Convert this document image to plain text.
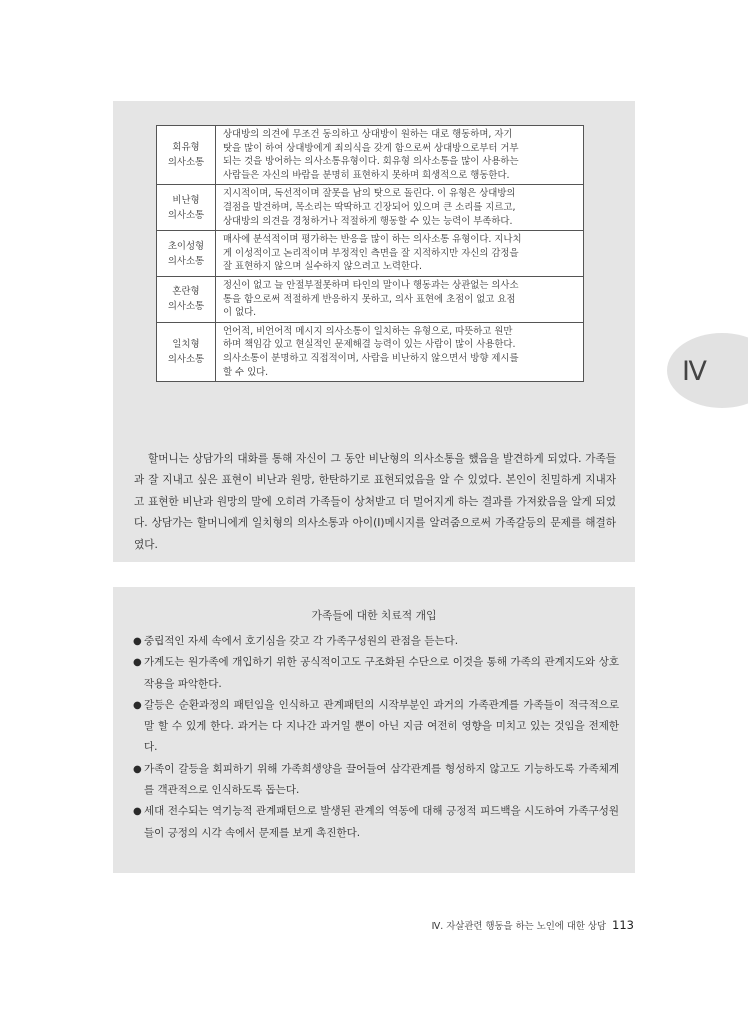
회유형
의사소통	상대방의 의견에 무조건 동의하고 상대방이 원하는 대로 행동하며, 자기
탓을 많이 하여 상대방에게 죄의식을 갖게 함으로써 상대방으로부터 거부
되는 것을 방어하는 의사소통유형이다. 회유형 의사소통을 많이 사용하는
사람들은 자신의 바람을 분명히 표현하지 못하며 희생적으로 행동한다.
비난형
의사소통	지시적이며, 독선적이며 잘못을 남의 탓으로 돌린다. 이 유형은 상대방의
결점을 발견하며, 목소리는 딱딱하고 긴장되어 있으며 큰 소리를 지르고,
상대방의 의견을 경청하거나 적절하게 행동할 수 있는 능력이 부족하다.
초이성형
의사소통	매사에 분석적이며 평가하는 반응을 많이 하는 의사소통 유형이다. 지나치
게 이성적이고 논리적이며 부정적인 측면을 잘 지적하지만 자신의 감정을
잘 표현하지 않으며 실수하지 않으려고 노력한다.
혼란형
의사소통	정신이 없고 늘 안절부절못하며 타인의 말이나 행동과는 상관없는 의사소
통을 함으로써 적절하게 반응하지 못하고, 의사 표현에 초점이 없고 요점
이 없다.
일치형
의사소통	언어적, 비언어적 메시지 의사소통이 일치하는 유형으로, 따뜻하고 원만
하며 책임감 있고 현실적인 문제해결 능력이 있는 사람이 많이 사용한다.
의사소통이 분명하고 직접적이며, 사람을 비난하지 않으면서 방향 제시를
할 수 있다.

할머니는 상담가의 대화를 통해 자신이 그 동안 비난형의 의사소통을 했음을 발견하게 되었다. 가족들과 잘 지내고 싶은 표현이 비난과 원망, 한탄하기로 표현되었음을 알 수 있었다. 본인이 친밀하게 지내자고 표현한 비난과 원망의 말에 오히려 가족들이 상처받고 더 멀어지게 하는 결과를 가져왔음을 알게 되었다. 상담가는 할머니에게 일치형의 의사소통과 아이(I)메시지를 알려줌으로써 가족갈등의 문제를 해결하였다.

가족들에 대한 치료적 개입
● 중립적인 자세 속에서 호기심을 갖고 각 가족구성원의 관점을 듣는다.
● 가계도는 원가족에 개입하기 위한 공식적이고도 구조화된 수단으로 이것을 통해 가족의 관계지도와 상호작용을 파악한다.
● 갈등은 순환과정의 패턴임을 인식하고 관계패턴의 시작부분인 과거의 가족관계를 가족들이 적극적으로 말 할 수 있게 한다. 과거는 다 지나간 과거일 뿐이 아닌 지금 여전히 영향을 미치고 있는 것임을 전제한다.
● 가족이 갈등을 회피하기 위해 가족희생양을 끌어들여 삼각관계를 형성하지 않고도 기능하도록 가족체계를 객관적으로 인식하도록 돕는다.
● 세대 전수되는 역기능적 관계패턴으로 발생된 관계의 역동에 대해 긍정적 피드백을 시도하여 가족구성원들이 긍정의 시각 속에서 문제를 보게 촉진한다.
Ⅳ
Ⅳ. 자살관련 행동을 하는 노인에 대한 상담 113
